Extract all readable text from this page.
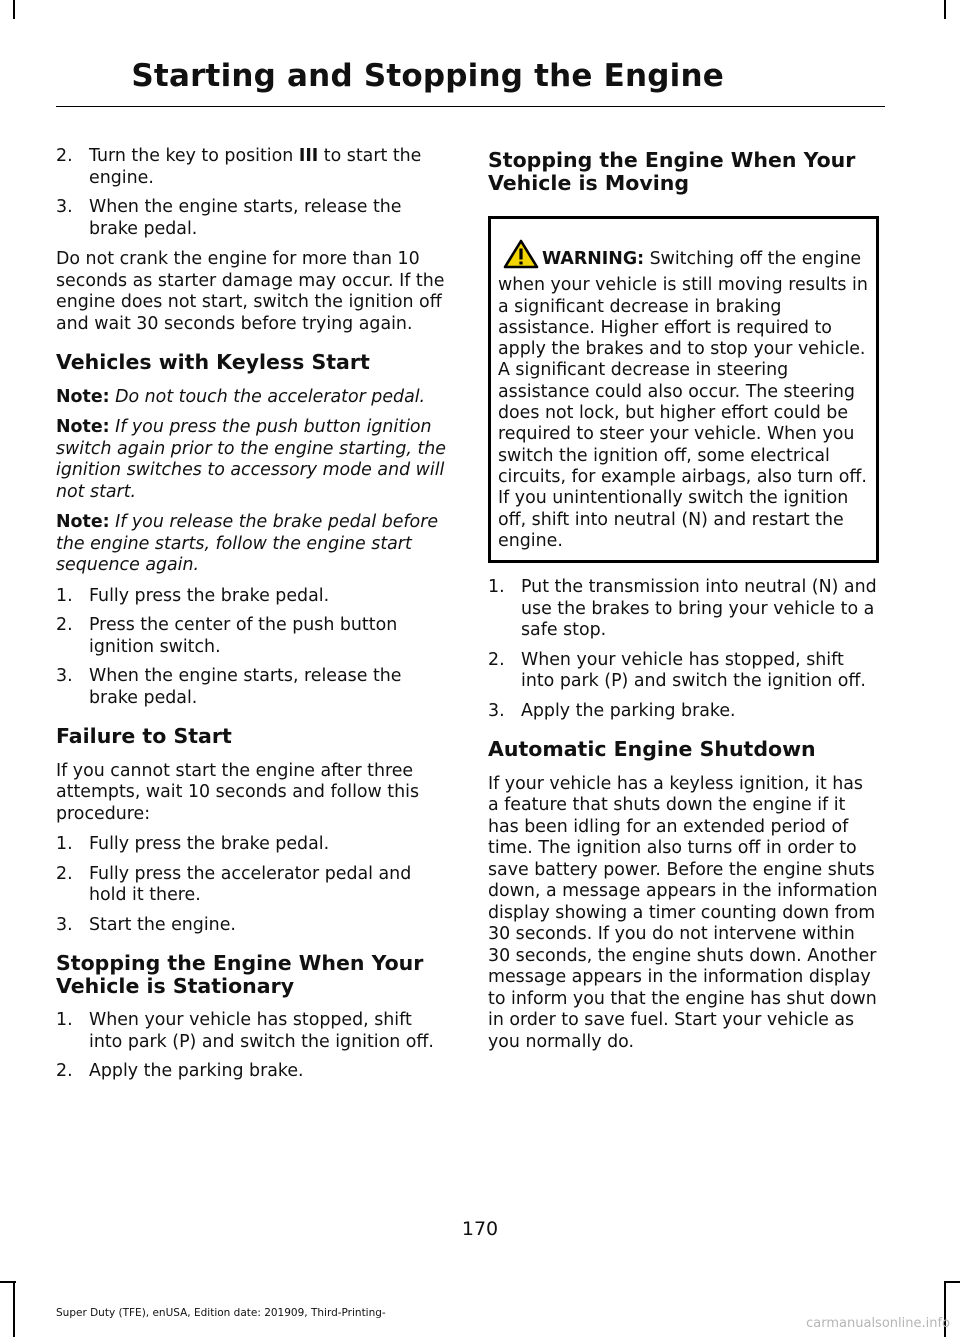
Starting and Stopping the Engine
2. Turn the key to position III to start the engine.
3. When the engine starts, release the brake pedal.

Do not crank the engine for more than 10 seconds as starter damage may occur. If the engine does not start, switch the ignition off and wait 30 seconds before trying again.

Vehicles with Keyless Start

Note: Do not touch the accelerator pedal.

Note: If you press the push button ignition switch again prior to the engine starting, the ignition switches to accessory mode and will not start.

Note: If you release the brake pedal before the engine starts, follow the engine start sequence again.

1. Fully press the brake pedal.
2. Press the center of the push button ignition switch.
3. When the engine starts, release the brake pedal.
Failure to Start

If you cannot start the engine after three attempts, wait 10 seconds and follow this procedure:

1. Fully press the brake pedal.
2. Fully press the accelerator pedal and hold it there.
3. Start the engine.
Stopping the Engine When Your Vehicle is Stationary
1. When your vehicle has stopped, shift into park (P) and switch the ignition off.
2. Apply the parking brake.
Stopping the Engine When Your Vehicle is Moving
WARNING: Switching off the engine when your vehicle is still moving results in a significant decrease in braking assistance. Higher effort is required to apply the brakes and to stop your vehicle. A significant decrease in steering assistance could also occur. The steering does not lock, but higher effort could be required to steer your vehicle. When you switch the ignition off, some electrical circuits, for example airbags, also turn off. If you unintentionally switch the ignition off, shift into neutral (N) and restart the engine.
1. Put the transmission into neutral (N) and use the brakes to bring your vehicle to a safe stop.
2. When your vehicle has stopped, shift into park (P) and switch the ignition off.
3. Apply the parking brake.
Automatic Engine Shutdown

If your vehicle has a keyless ignition, it has a feature that shuts down the engine if it has been idling for an extended period of time. The ignition also turns off in order to save battery power. Before the engine shuts down, a message appears in the information display showing a timer counting down from 30 seconds. If you do not intervene within 30 seconds, the engine shuts down. Another message appears in the information display to inform you that the engine has shut down in order to save fuel. Start your vehicle as you normally do.

170
Super Duty (TFE), enUSA, Edition date: 201909, Third-Printing-
carmanualsonline.info
